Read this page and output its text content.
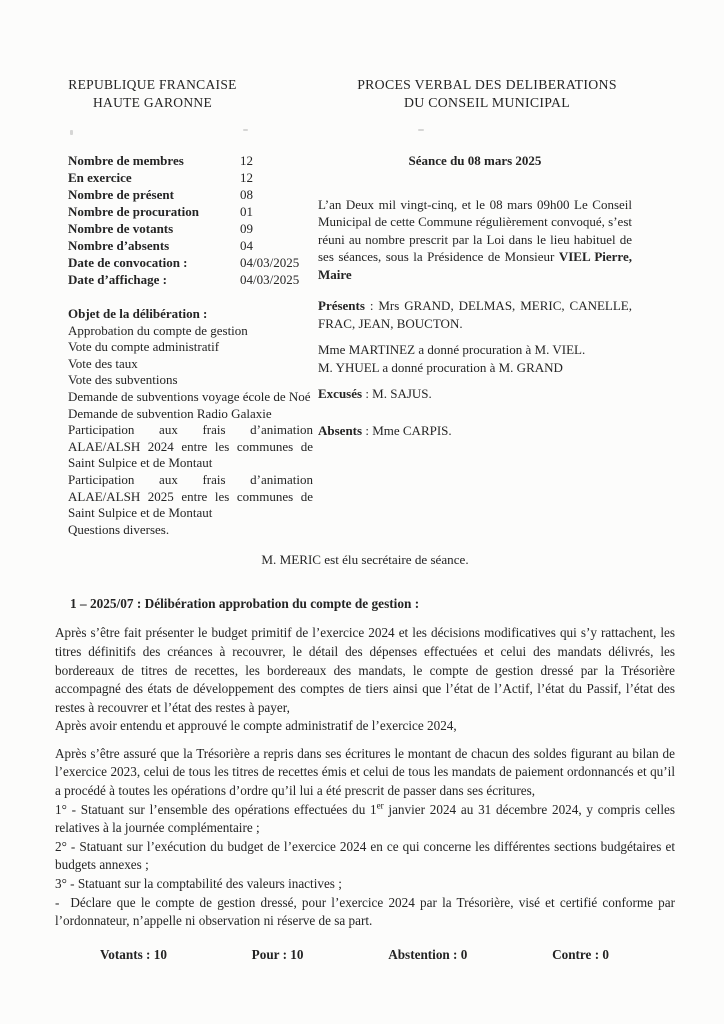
REPUBLIQUE FRANCAISE
HAUTE GARONNE
PROCES VERBAL DES DELIBERATIONS
DU CONSEIL MUNICIPAL
Nombre de membres	12
En exercice	12
Nombre de présent	08
Nombre de procuration	01
Nombre de votants	09
Nombre d’absents	04
Date de convocation :	04/03/2025
Date d’affichage :	04/03/2025

Objet de la délibération :

Approbation du compte de gestion

Vote du compte administratif

Vote des taux

Vote des subventions

Demande de subventions voyage école de Noé

Demande de subvention Radio Galaxie

Participation aux frais d’animation ALAE/ALSH 2024 entre les communes de Saint Sulpice et de Montaut

Participation aux frais d’animation ALAE/ALSH 2025 entre les communes de Saint Sulpice et de Montaut

Questions diverses.

Séance du 08 mars 2025

L’an Deux mil vingt-cinq, et le 08 mars 09h00 Le Conseil Municipal de cette Commune régulièrement convoqué, s’est réuni au nombre prescrit par la Loi dans le lieu habituel de ses séances, sous la Présidence de Monsieur VIEL Pierre, Maire

Présents : Mrs GRAND, DELMAS, MERIC, CANELLE, FRAC, JEAN, BOUCTON.

Mme MARTINEZ a donné procuration à M. VIEL.
M. YHUEL a donné procuration à M. GRAND

Excusés : M. SAJUS.

Absents : Mme CARPIS.

M. MERIC est élu secrétaire de séance.

1 – 2025/07 : Délibération approbation du compte de gestion :

Après s’être fait présenter le budget primitif de l’exercice 2024 et les décisions modificatives qui s’y rattachent, les titres définitifs des créances à recouvrer, le détail des dépenses effectuées et celui des mandats délivrés, les bordereaux de titres de recettes, les bordereaux des mandats, le compte de gestion dressé par la Trésorière accompagné des états de développement des comptes de tiers ainsi que l’état de l’Actif, l’état du Passif, l’état des restes à recouvrer et l’état des restes à payer,

Après avoir entendu et approuvé le compte administratif de l’exercice 2024,

Après s’être assuré que la Trésorière a repris dans ses écritures le montant de chacun des soldes figurant au bilan de l’exercice 2023, celui de tous les titres de recettes émis et celui de tous les mandats de paiement ordonnancés et qu’il a procédé à toutes les opérations d’ordre qu’il lui a été prescrit de passer dans ses écritures,

1° - Statuant sur l’ensemble des opérations effectuées du 1er janvier 2024 au 31 décembre 2024, y compris celles relatives à la journée complémentaire ;

2° - Statuant sur l’exécution du budget de l’exercice 2024 en ce qui concerne les différentes sections budgétaires et budgets annexes ;

3° - Statuant sur la comptabilité des valeurs inactives ;

- Déclare que le compte de gestion dressé, pour l’exercice 2024 par la Trésorière, visé et certifié conforme par l’ordonnateur, n’appelle ni observation ni réserve de sa part.

Votants : 10	Pour : 10	Abstention : 0	Contre : 0
